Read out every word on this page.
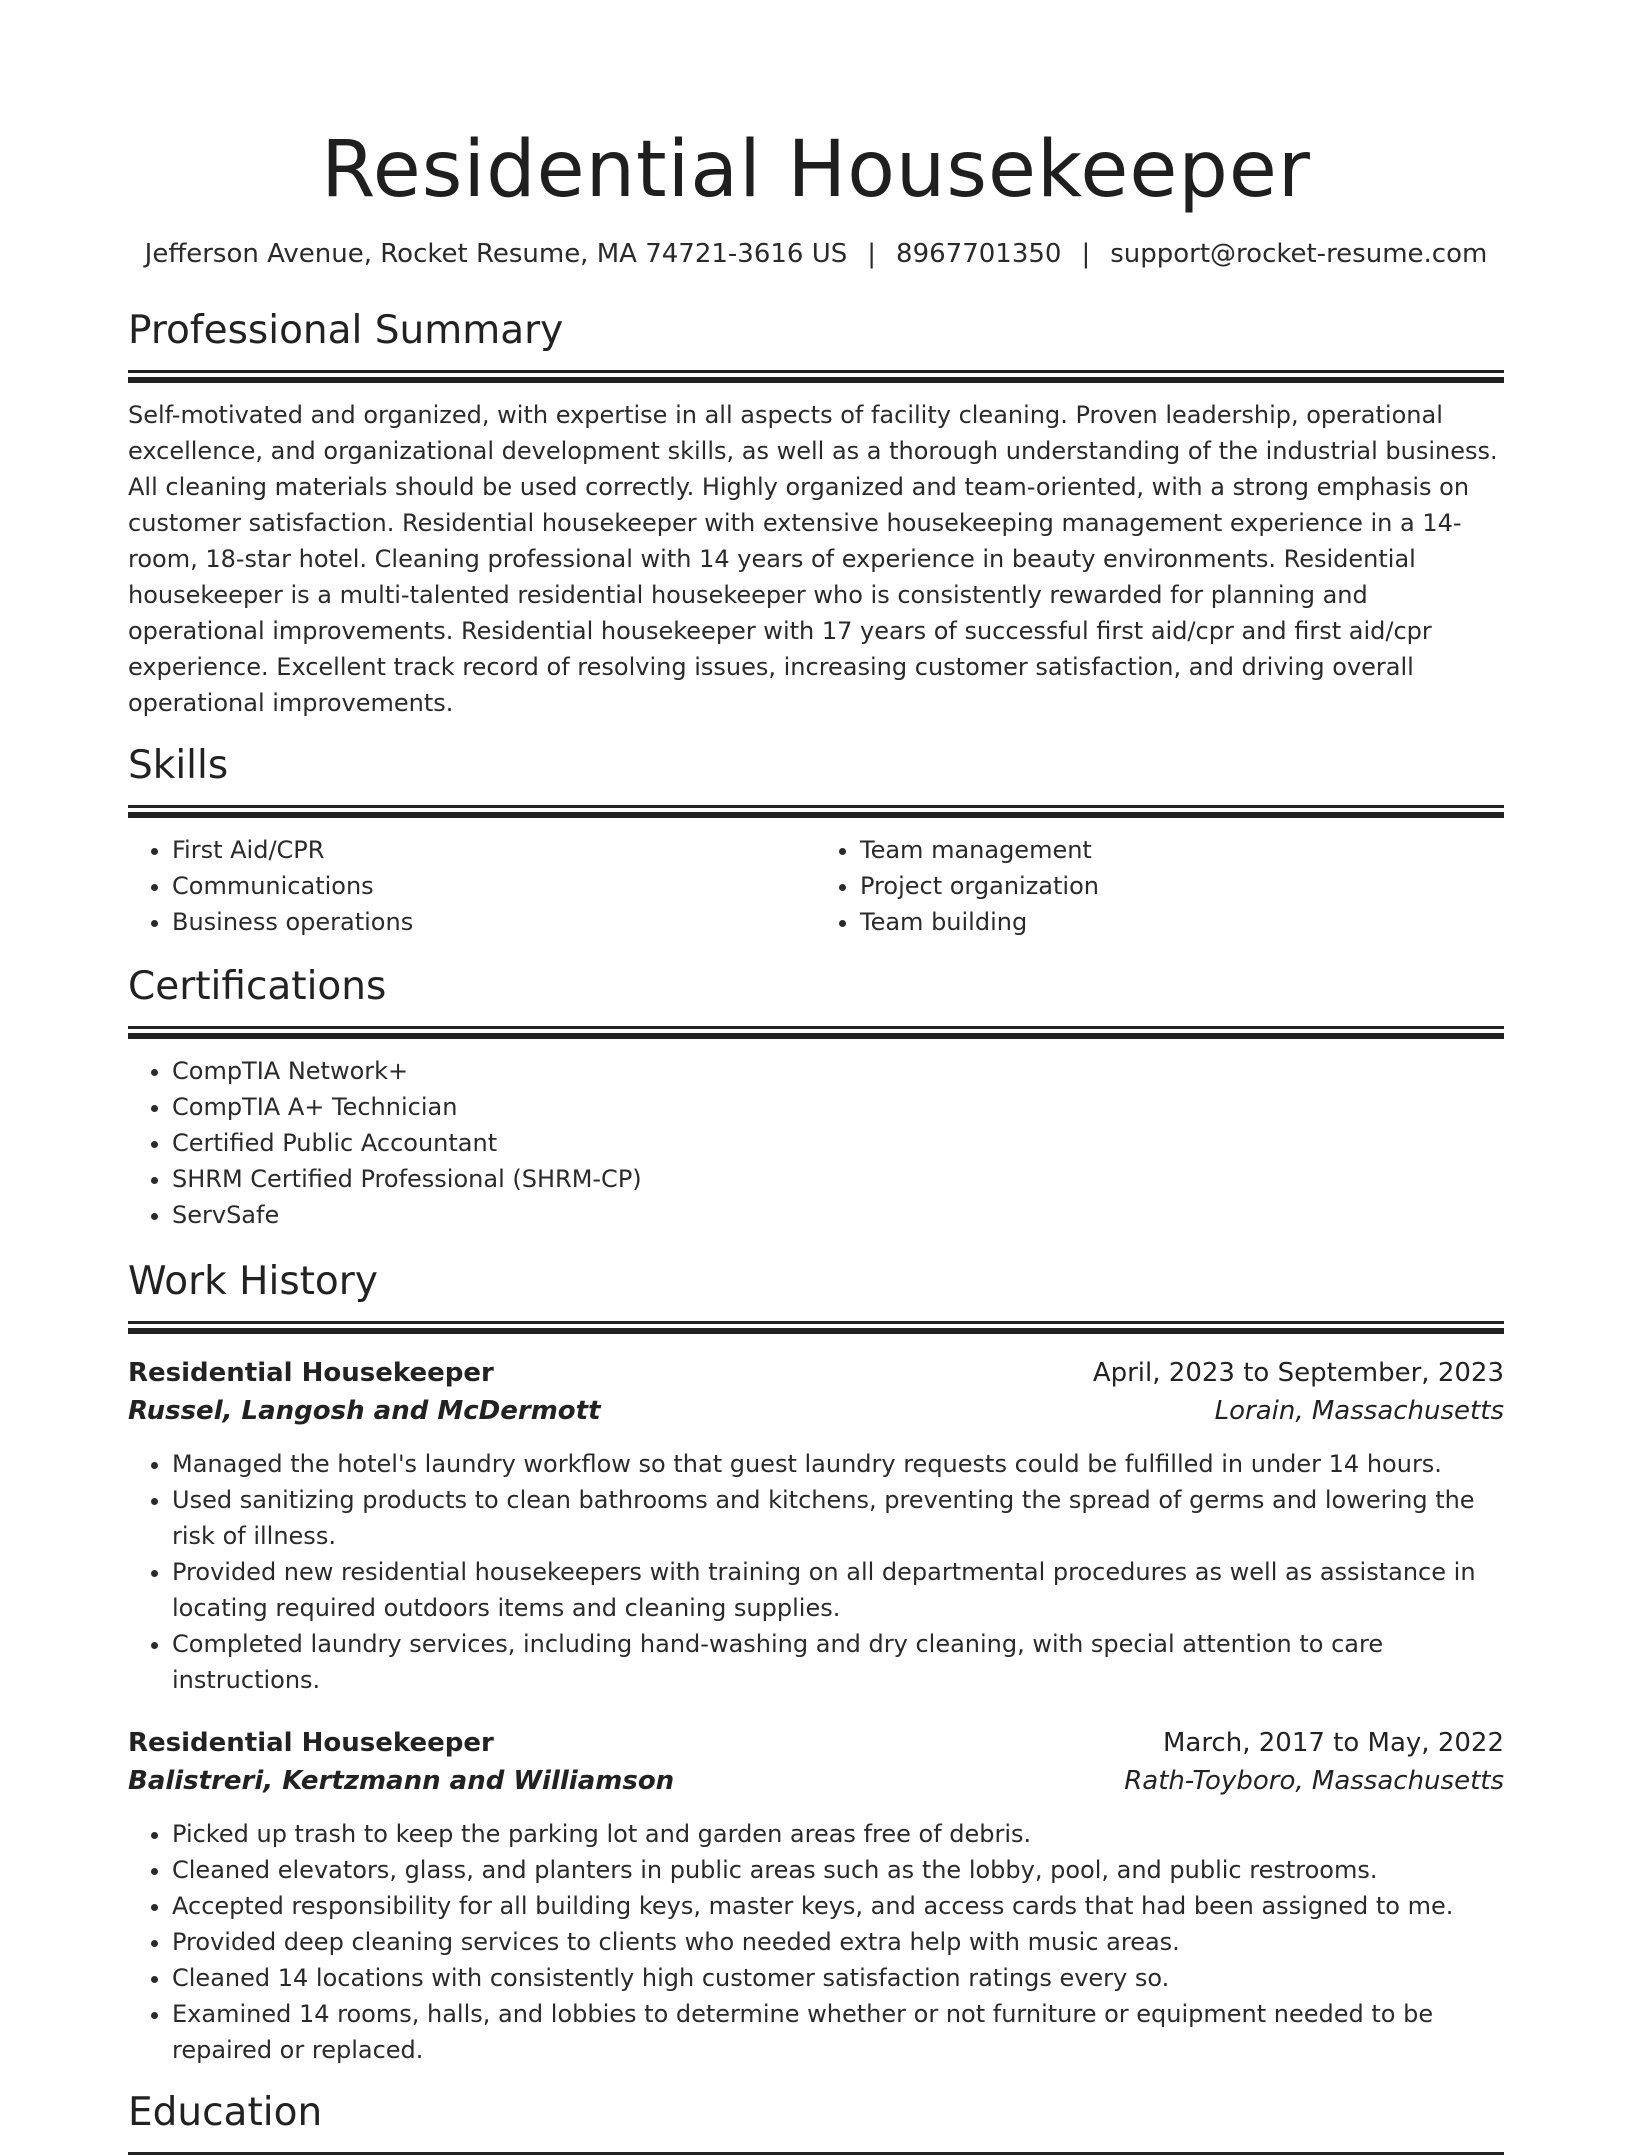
Residential Housekeeper
Jefferson Avenue, Rocket Resume, MA 74721-3616 US | 8967701350 | support@rocket-resume.com
Professional Summary

Self-motivated and organized, with expertise in all aspects of facility cleaning. Proven leadership, operational excellence, and organizational development skills, as well as a thorough understanding of the industrial business. All cleaning materials should be used correctly. Highly organized and team-oriented, with a strong emphasis on customer satisfaction. Residential housekeeper with extensive housekeeping management experience in a 14-room, 18-star hotel. Cleaning professional with 14 years of experience in beauty environments. Residential housekeeper is a multi-talented residential housekeeper who is consistently rewarded for planning and operational improvements. Residential housekeeper with 17 years of successful first aid/cpr and first aid/cpr experience. Excellent track record of resolving issues, increasing customer satisfaction, and driving overall operational improvements.

Skills
• First Aid/CPR
• Communications
• Business operations
• Team management
• Project organization
• Team building
Certifications
• CompTIA Network+
• CompTIA A+ Technician
• Certified Public Accountant
• SHRM Certified Professional (SHRM-CP)
• ServSafe
Work History
Residential Housekeeper	April, 2023 to September, 2023
Russel, Langosh and McDermott	Lorain, Massachusetts
• Managed the hotel's laundry workflow so that guest laundry requests could be fulfilled in under 14 hours.
• Used sanitizing products to clean bathrooms and kitchens, preventing the spread of germs and lowering the risk of illness.
• Provided new residential housekeepers with training on all departmental procedures as well as assistance in locating required outdoors items and cleaning supplies.
• Completed laundry services, including hand-washing and dry cleaning, with special attention to care instructions.
Residential Housekeeper	March, 2017 to May, 2022
Balistreri, Kertzmann and Williamson	Rath-Toyboro, Massachusetts
• Picked up trash to keep the parking lot and garden areas free of debris.
• Cleaned elevators, glass, and planters in public areas such as the lobby, pool, and public restrooms.
• Accepted responsibility for all building keys, master keys, and access cards that had been assigned to me.
• Provided deep cleaning services to clients who needed extra help with music areas.
• Cleaned 14 locations with consistently high customer satisfaction ratings every so.
• Examined 14 rooms, halls, and lobbies to determine whether or not furniture or equipment needed to be repaired or replaced.
Education
